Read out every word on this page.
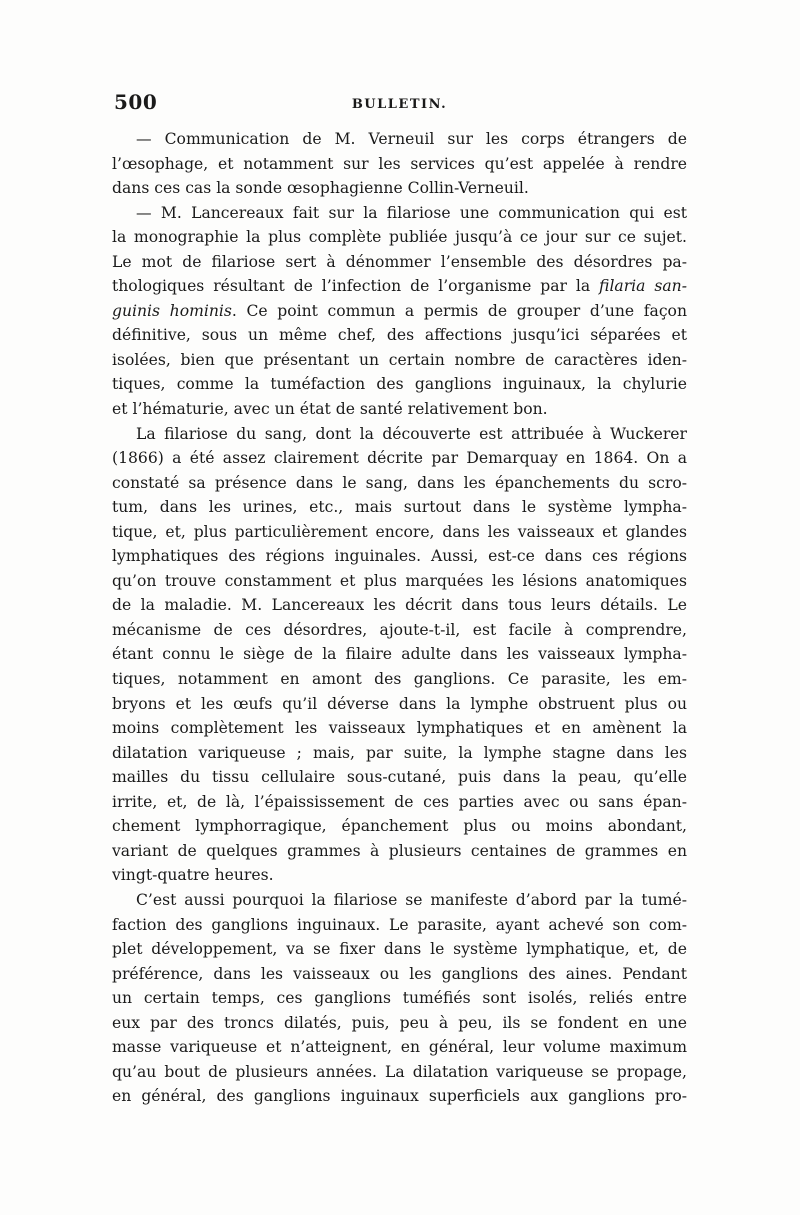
500	BULLETIN.
— Communication de M. Verneuil sur les corps étrangers de
l’œsophage, et notamment sur les services qu’est appelée à rendre
dans ces cas la sonde œsophagienne Collin-Verneuil.
— M. Lancereaux fait sur la filariose une communication qui est
la monographie la plus complète publiée jusqu’à ce jour sur ce sujet.
Le mot de filariose sert à dénommer l’ensemble des désordres pa-
thologiques résultant de l’infection de l’organisme par la filaria san-
guinis hominis. Ce point commun a permis de grouper d’une façon
définitive, sous un même chef, des affections jusqu’ici séparées et
isolées, bien que présentant un certain nombre de caractères iden-
tiques, comme la tuméfaction des ganglions inguinaux, la chylurie
et l’hématurie, avec un état de santé relativement bon.
La filariose du sang, dont la découverte est attribuée à Wuckerer
(1866) a été assez clairement décrite par Demarquay en 1864. On a
constaté sa présence dans le sang, dans les épanchements du scro-
tum, dans les urines, etc., mais surtout dans le système lympha-
tique, et, plus particulièrement encore, dans les vaisseaux et glandes
lymphatiques des régions inguinales. Aussi, est-ce dans ces régions
qu’on trouve constamment et plus marquées les lésions anatomiques
de la maladie. M. Lancereaux les décrit dans tous leurs détails. Le
mécanisme de ces désordres, ajoute-t-il, est facile à comprendre,
étant connu le siège de la filaire adulte dans les vaisseaux lympha-
tiques, notamment en amont des ganglions. Ce parasite, les em-
bryons et les œufs qu’il déverse dans la lymphe obstruent plus ou
moins complètement les vaisseaux lymphatiques et en amènent la
dilatation variqueuse ; mais, par suite, la lymphe stagne dans les
mailles du tissu cellulaire sous-cutané, puis dans la peau, qu’elle
irrite, et, de là, l’épaississement de ces parties avec ou sans épan-
chement lymphorragique, épanchement plus ou moins abondant,
variant de quelques grammes à plusieurs centaines de grammes en
vingt-quatre heures.
C’est aussi pourquoi la filariose se manifeste d’abord par la tumé-
faction des ganglions inguinaux. Le parasite, ayant achevé son com-
plet développement, va se fixer dans le système lymphatique, et, de
préférence, dans les vaisseaux ou les ganglions des aines. Pendant
un certain temps, ces ganglions tuméfiés sont isolés, reliés entre
eux par des troncs dilatés, puis, peu à peu, ils se fondent en une
masse variqueuse et n’atteignent, en général, leur volume maximum
qu’au bout de plusieurs années. La dilatation variqueuse se propage,
en général, des ganglions inguinaux superficiels aux ganglions pro-
